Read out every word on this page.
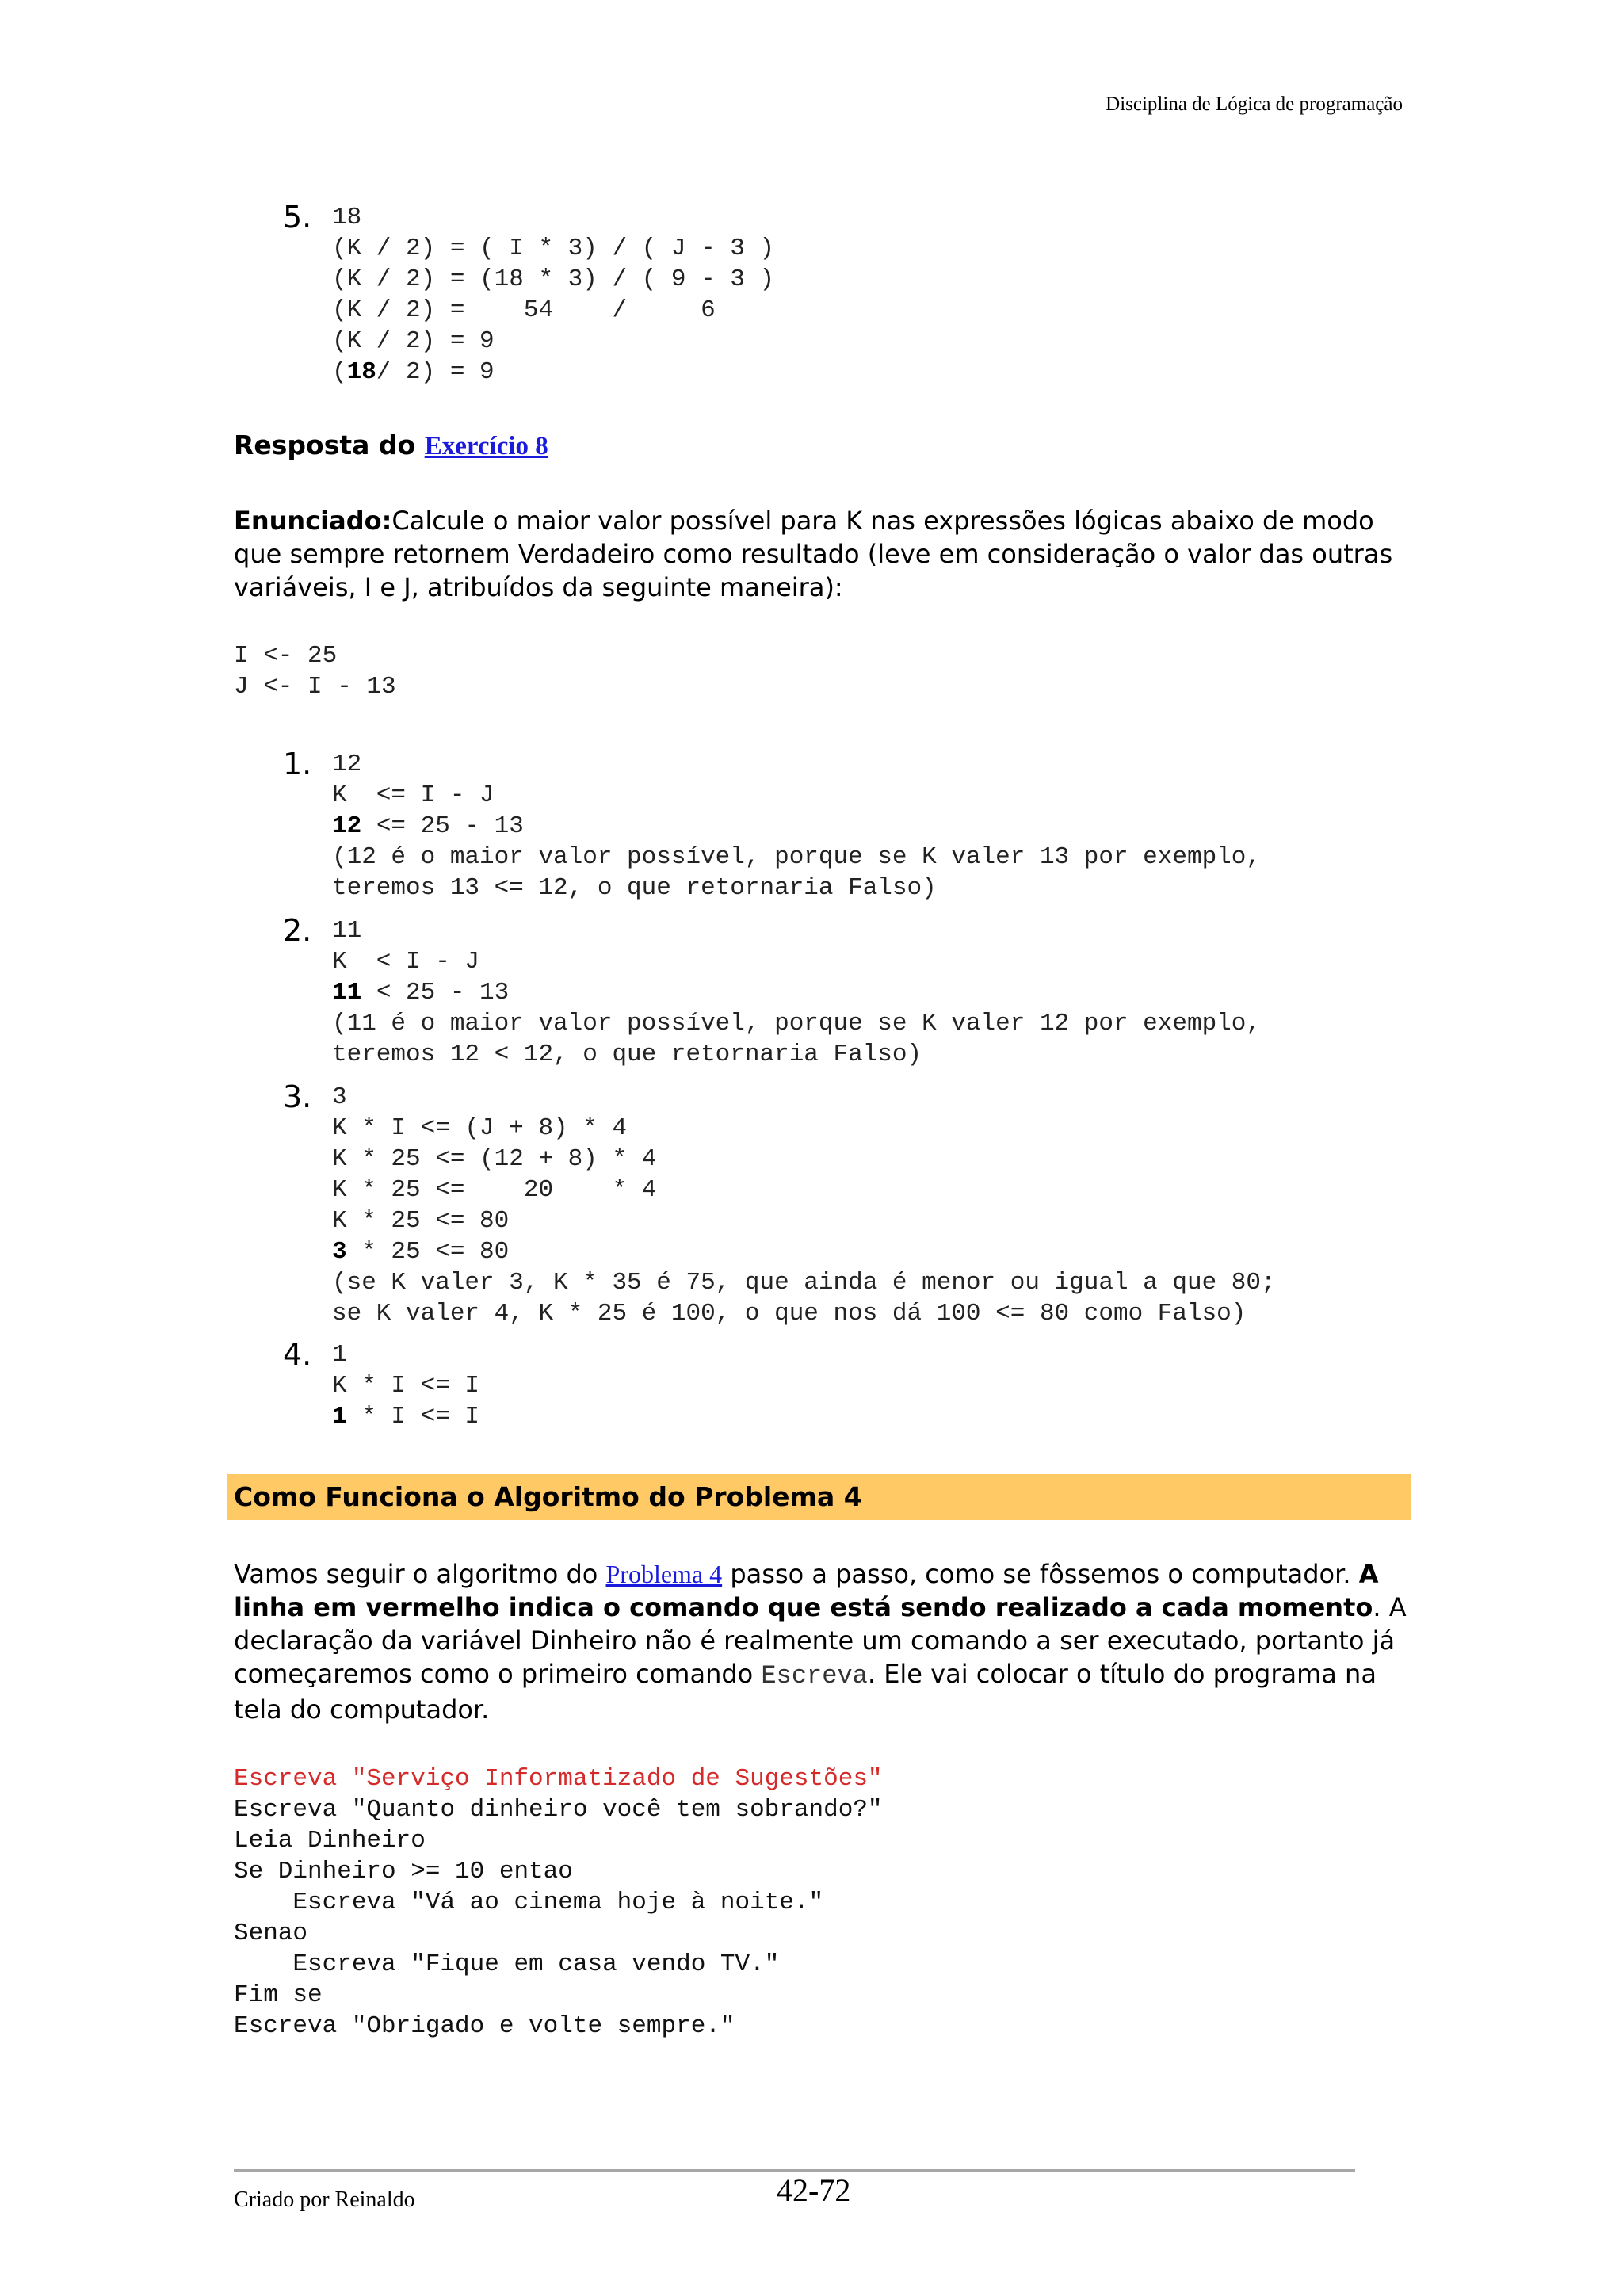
Disciplina de Lógica de programação
5. 18
(K / 2) = ( I * 3) / ( J - 3 )
(K / 2) = (18 * 3) / ( 9 - 3 )
(K / 2) =    54    /     6
(K / 2) = 9
(18/ 2) = 9
Resposta do Exercício 8
Enunciado:Calcule o maior valor possível para K nas expressões lógicas abaixo de modo que sempre retornem Verdadeiro como resultado (leve em consideração o valor das outras variáveis, I e J, atribuídos da seguinte maneira):
I <- 25
J <- I - 13
1. 12
K  <= I - J
12 <= 25 - 13
(12 é o maior valor possível, porque se K valer 13 por exemplo,
teremos 13 <= 12, o que retornaria Falso)
2. 11
K  < I - J
11 < 25 - 13
(11 é o maior valor possível, porque se K valer 12 por exemplo,
teremos 12 < 12, o que retornaria Falso)
3. 3
K * I <= (J + 8) * 4
K * 25 <= (12 + 8) * 4
K * 25 <=    20    * 4
K * 25 <= 80
3 * 25 <= 80
(se K valer 3, K * 35 é 75, que ainda é menor ou igual a que 80;
se K valer 4, K * 25 é 100, o que nos dá 100 <= 80 como Falso)
4. 1
K * I <= I
1 * I <= I
Como Funciona o Algoritmo do Problema 4
Vamos seguir o algoritmo do Problema 4 passo a passo, como se fôssemos o computador. A linha em vermelho indica o comando que está sendo realizado a cada momento. A declaração da variável Dinheiro não é realmente um comando a ser executado, portanto já começaremos como o primeiro comando Escreva. Ele vai colocar o título do programa na tela do computador.
Escreva "Serviço Informatizado de Sugestões"
Escreva "Quanto dinheiro você tem sobrando?"
Leia Dinheiro
Se Dinheiro >= 10 entao
Escreva "Vá ao cinema hoje à noite."
Senao
Escreva "Fique em casa vendo TV."
Fim se
Escreva "Obrigado e volte sempre."
Criado por Reinaldo	42-72
